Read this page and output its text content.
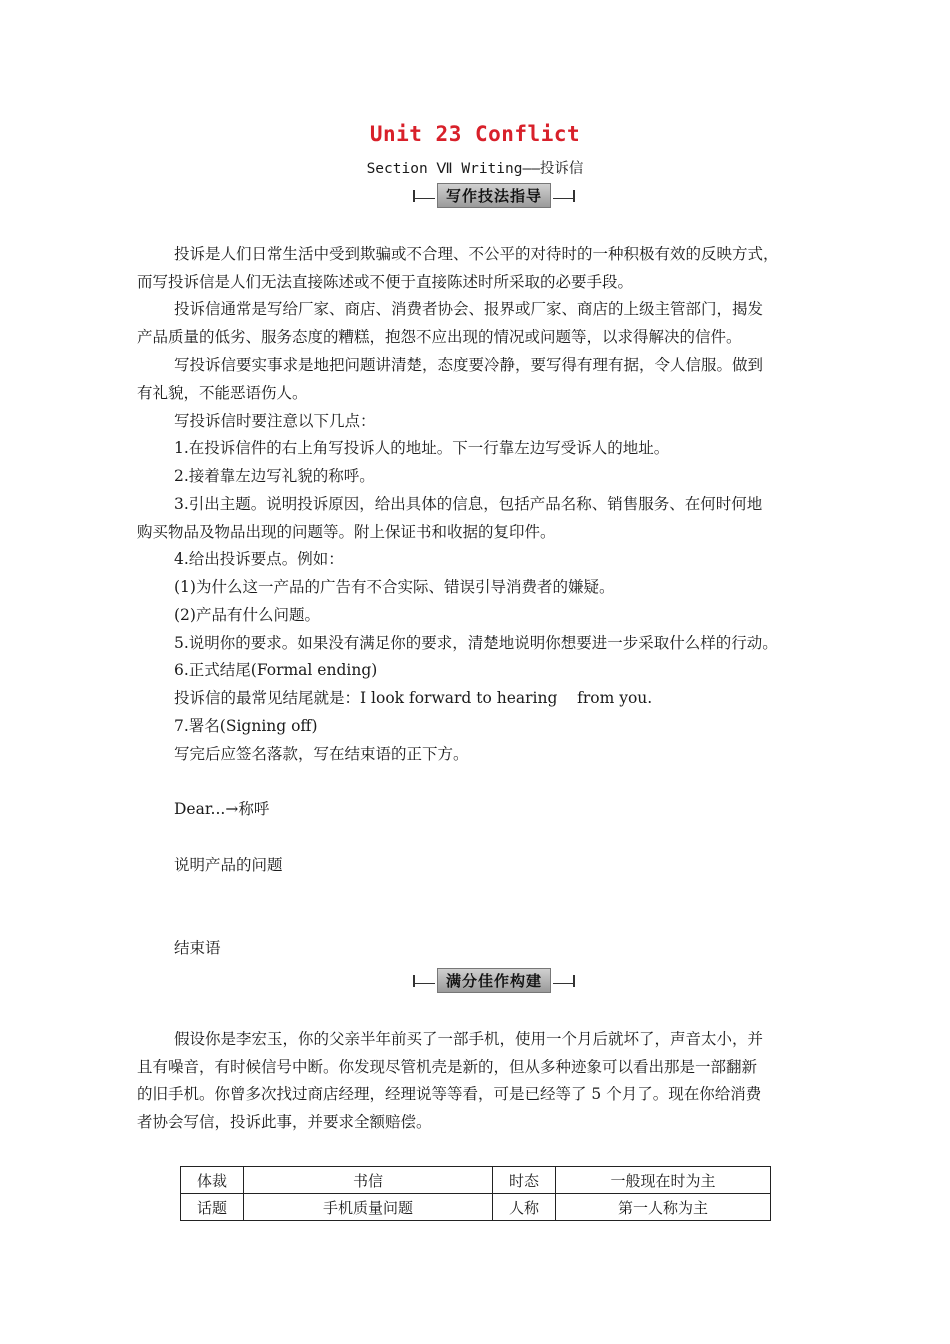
Unit 23 Conflict
Section Ⅶ Writing——投诉信
写作技法指导
投诉是人们日常生活中受到欺骗或不合理、不公平的对待时的一种积极有效的反映方式，
而写投诉信是人们无法直接陈述或不便于直接陈述时所采取的必要手段。
投诉信通常是写给厂家、商店、消费者协会、报界或厂家、商店的上级主管部门，揭发
产品质量的低劣、服务态度的糟糕，抱怨不应出现的情况或问题等，以求得解决的信件。
写投诉信要实事求是地把问题讲清楚，态度要冷静，要写得有理有据，令人信服。做到
有礼貌，不能恶语伤人。
写投诉信时要注意以下几点：
1.在投诉信件的右上角写投诉人的地址。下一行靠左边写受诉人的地址。
2.接着靠左边写礼貌的称呼。
3.引出主题。说明投诉原因，给出具体的信息，包括产品名称、销售服务、在何时何地
购买物品及物品出现的问题等。附上保证书和收据的复印件。
4.给出投诉要点。例如：
(1)为什么这一产品的广告有不合实际、错误引导消费者的嫌疑。
(2)产品有什么问题。
5.说明你的要求。如果没有满足你的要求，清楚地说明你想要进一步采取什么样的行动。
6.正式结尾(Formal ending)
投诉信的最常见结尾就是：I look forward to hearing    from you.
7.署名(Signing off)
写完后应签名落款，写在结束语的正下方。
Dear...→称呼
说明产品的问题
结束语
满分佳作构建
假设你是李宏玉，你的父亲半年前买了一部手机，使用一个月后就坏了，声音太小，并
且有噪音，有时候信号中断。你发现尽管机壳是新的，但从多种迹象可以看出那是一部翻新
的旧手机。你曾多次找过商店经理，经理说等等看，可是已经等了 5 个月了。现在你给消费
者协会写信，投诉此事，并要求全额赔偿。
体裁	书信	时态	一般现在时为主
话题	手机质量问题	人称	第一人称为主
